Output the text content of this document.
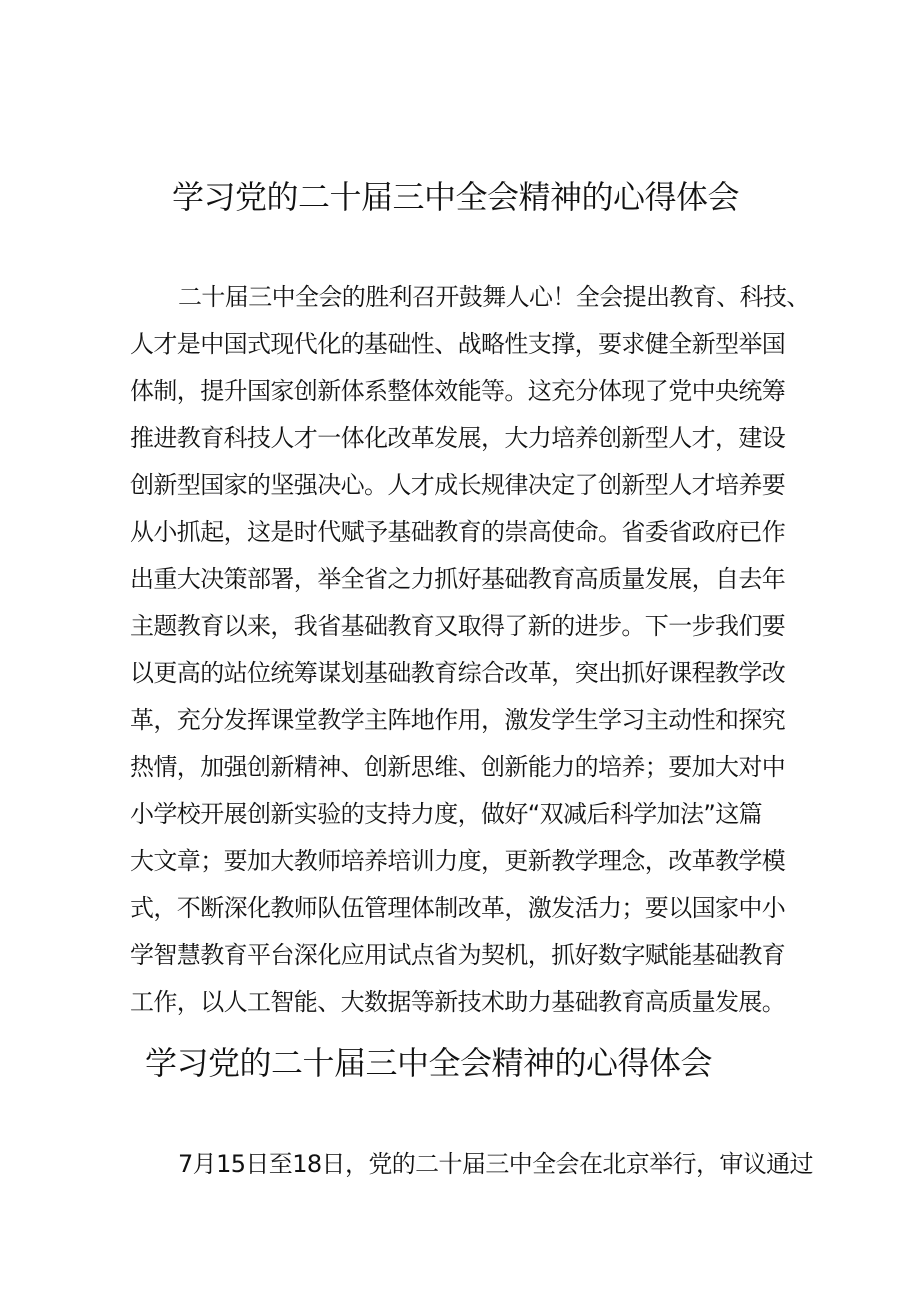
学习党的二十届三中全会精神的心得体会
二十届三中全会的胜利召开鼓舞人心！全会提出教育、科技、
人才是中国式现代化的基础性、战略性支撑，要求健全新型举国
体制，提升国家创新体系整体效能等。这充分体现了党中央统筹
推进教育科技人才一体化改革发展，大力培养创新型人才，建设
创新型国家的坚强决心。人才成长规律决定了创新型人才培养要
从小抓起，这是时代赋予基础教育的崇高使命。省委省政府已作
出重大决策部署，举全省之力抓好基础教育高质量发展，自去年
主题教育以来，我省基础教育又取得了新的进步。下一步我们要
以更高的站位统筹谋划基础教育综合改革，突出抓好课程教学改
革，充分发挥课堂教学主阵地作用，激发学生学习主动性和探究
热情，加强创新精神、创新思维、创新能力的培养；要加大对中
小学校开展创新实验的支持力度，做好“双减后科学加法”这篇
大文章；要加大教师培养培训力度，更新教学理念，改革教学模
式，不断深化教师队伍管理体制改革，激发活力；要以国家中小
学智慧教育平台深化应用试点省为契机，抓好数字赋能基础教育
工作，以人工智能、大数据等新技术助力基础教育高质量发展。
学习党的二十届三中全会精神的心得体会
7月15日至18日，党的二十届三中全会在北京举行，审议通过
